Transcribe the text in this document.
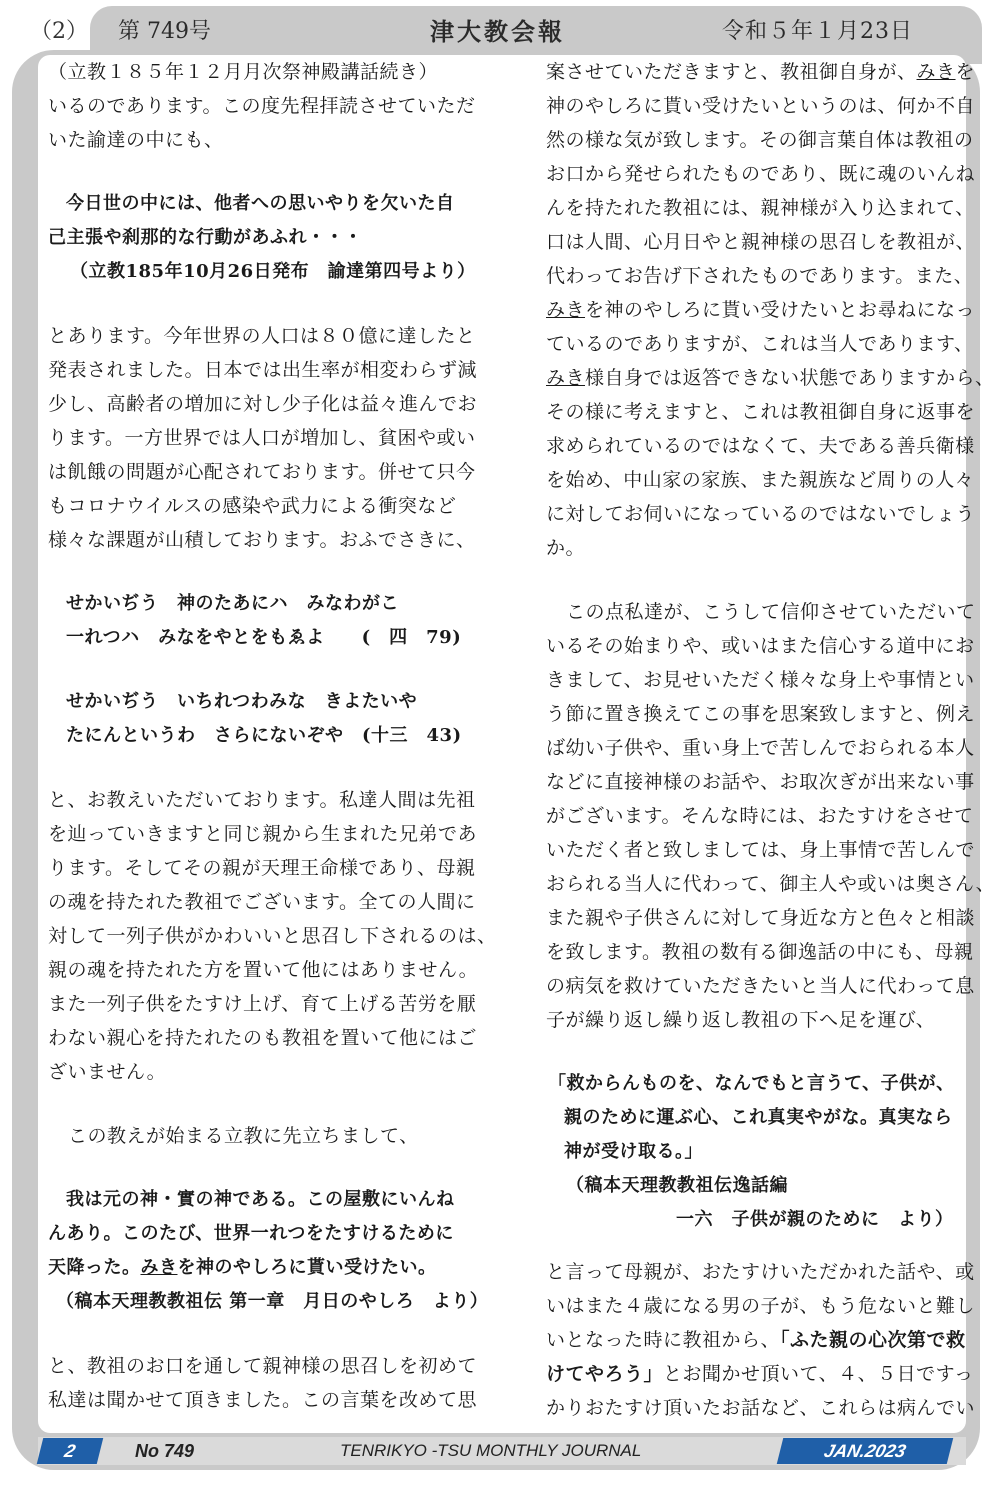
（2） 第 749号	津大教会報	令和５年１月23日
（立教１８５年１２月月次祭神殿講話続き）
いるのであります。この度先程拝読させていただ
いた諭達の中にも、
今日世の中には、他者への思いやりを欠いた自
己主張や刹那的な行動があふれ・・・
（立教185年10月26日発布　諭達第四号より）
とあります。今年世界の人口は８０億に達したと
発表されました。日本では出生率が相変わらず減
少し、高齢者の増加に対し少子化は益々進んでお
ります。一方世界では人口が増加し、貧困や或い
は飢餓の問題が心配されております。併せて只今
もコロナウイルスの感染や武力による衝突など
様々な課題が山積しております。おふでさきに、
せかいぢう　神のたあにハ　みなわがこ
一れつハ　みなをやとをもゑよ　　(　四　79)
せかいぢう　いちれつわみな　きよたいや
たにんというわ　さらにないぞや　(十三　43)
と、お教えいただいております。私達人間は先祖
を辿っていきますと同じ親から生まれた兄弟であ
ります。そしてその親が天理王命様であり、母親
の魂を持たれた教祖でございます。全ての人間に
対して一列子供がかわいいと思召し下されるのは、
親の魂を持たれた方を置いて他にはありません。
また一列子供をたすけ上げ、育て上げる苦労を厭
わない親心を持たれたのも教祖を置いて他にはご
ざいません。
この教えが始まる立教に先立ちまして、
我は元の神・實の神である。この屋敷にいんね
んあり。このたび、世界一れつをたすけるために
天降った。みきを神のやしろに貰い受けたい。
（稿本天理教教祖伝 第一章　月日のやしろ　より）
と、教祖のお口を通して親神様の思召しを初めて
私達は聞かせて頂きました。この言葉を改めて思
案させていただきますと、教祖御自身が、みきを
神のやしろに貰い受けたいというのは、何か不自
然の様な気が致します。その御言葉自体は教祖の
お口から発せられたものであり、既に魂のいんね
んを持たれた教祖には、親神様が入り込まれて、
口は人間、心月日やと親神様の思召しを教祖が、
代わってお告げ下されたものであります。また、
みきを神のやしろに貰い受けたいとお尋ねになっ
ているのでありますが、これは当人であります、
みき様自身では返答できない状態でありますから、
その様に考えますと、これは教祖御自身に返事を
求められているのではなくて、夫である善兵衛様
を始め、中山家の家族、また親族など周りの人々
に対してお伺いになっているのではないでしょう
か。
この点私達が、こうして信仰させていただいて
いるその始まりや、或いはまた信心する道中にお
きまして、お見せいただく様々な身上や事情とい
う節に置き換えてこの事を思案致しますと、例え
ば幼い子供や、重い身上で苦しんでおられる本人
などに直接神様のお話や、お取次ぎが出来ない事
がございます。そんな時には、おたすけをさせて
いただく者と致しましては、身上事情で苦しんで
おられる当人に代わって、御主人や或いは奥さん、
また親や子供さんに対して身近な方と色々と相談
を致します。教祖の数有る御逸話の中にも、母親
の病気を救けていただきたいと当人に代わって息
子が繰り返し繰り返し教祖の下へ足を運び、
「救からんものを、なんでもと言うて、子供が、
親のために運ぶ心、これ真実やがな。真実なら
神が受け取る。」
（稿本天理教教祖伝逸話編
一六　子供が親のために　より）
と言って母親が、おたすけいただかれた話や、或
いはまた４歳になる男の子が、もう危ないと難し
いとなった時に教祖から、「ふた親の心次第で救
けてやろう」とお聞かせ頂いて、４、５日ですっ
かりおたすけ頂いたお話など、これらは病んでい
2	No 749	TENRIKYO -TSU MONTHLY JOURNAL	JAN.2023
